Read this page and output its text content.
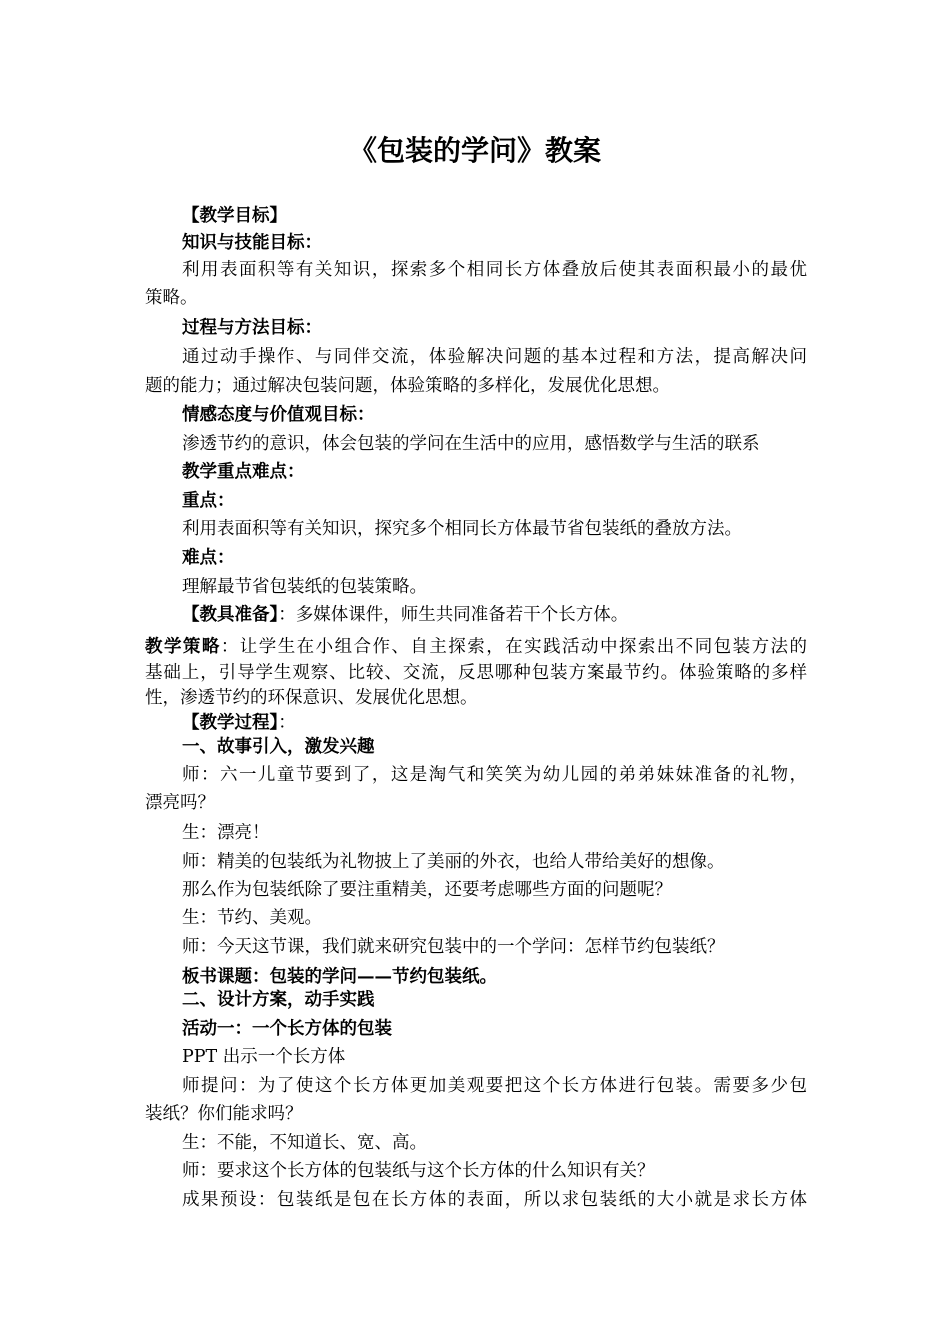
《包装的学问》教案
【教学目标】
知识与技能目标：
利用表面积等有关知识，探索多个相同长方体叠放后使其表面积最小的最优
策略。
过程与方法目标：
通过动手操作、与同伴交流，体验解决问题的基本过程和方法，提高解决问
题的能力；通过解决包装问题，体验策略的多样化，发展优化思想。
情感态度与价值观目标：
渗透节约的意识，体会包装的学问在生活中的应用，感悟数学与生活的联系
教学重点难点：
重点：
利用表面积等有关知识，探究多个相同长方体最节省包装纸的叠放方法。
难点：
理解最节省包装纸的包装策略。
【教具准备】：多媒体课件，师生共同准备若干个长方体。
教学策略：让学生在小组合作、自主探索，在实践活动中探索出不同包装方法的
基础上，引导学生观察、比较、交流，反思哪种包装方案最节约。体验策略的多样
性，渗透节约的环保意识、发展优化思想。
【教学过程】：
一、故事引入，激发兴趣
师：六一儿童节要到了，这是淘气和笑笑为幼儿园的弟弟妹妹准备的礼物，
漂亮吗？
生：漂亮！
师：精美的包装纸为礼物披上了美丽的外衣，也给人带给美好的想像。
那么作为包装纸除了要注重精美，还要考虑哪些方面的问题呢？
生：节约、美观。
师：今天这节课，我们就来研究包装中的一个学问：怎样节约包装纸？
板书课题：包装的学问——节约包装纸。
二、设计方案，动手实践
活动一：一个长方体的包装
PPT 出示一个长方体
师提问：为了使这个长方体更加美观要把这个长方体进行包装。需要多少包
装纸？你们能求吗？
生：不能，不知道长、宽、高。
师：要求这个长方体的包装纸与这个长方体的什么知识有关？
成果预设：包装纸是包在长方体的表面，所以求包装纸的大小就是求长方体
